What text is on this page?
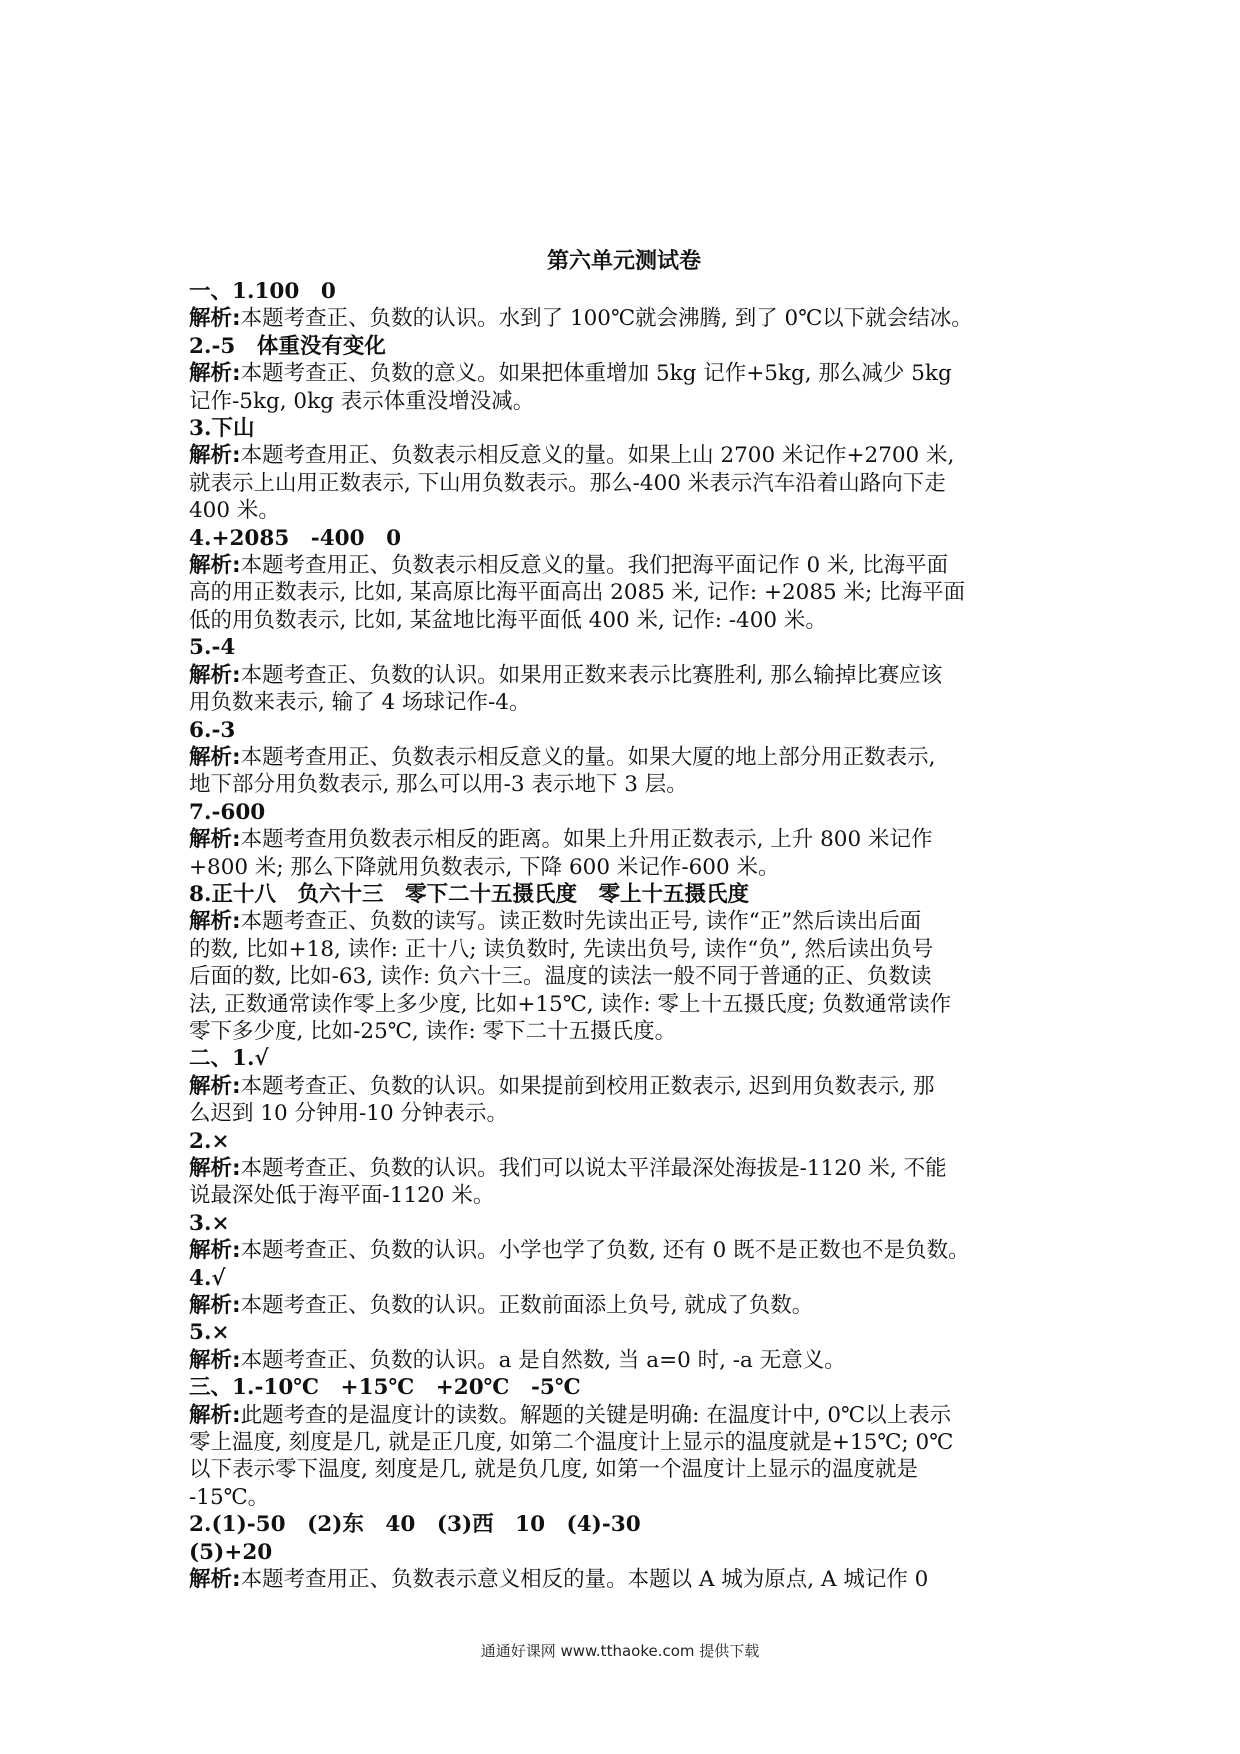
第六单元测试卷
一、1.100　0
解析:本题考查正、负数的认识。水到了 100℃就会沸腾, 到了 0℃以下就会结冰。
2.-5　体重没有变化
解析:本题考查正、负数的意义。如果把体重增加 5kg 记作+5kg, 那么减少 5kg
记作-5kg, 0kg 表示体重没增没减。
3.下山
解析:本题考查用正、负数表示相反意义的量。如果上山 2700 米记作+2700 米,
就表示上山用正数表示, 下山用负数表示。那么-400 米表示汽车沿着山路向下走
400 米。
4.+2085　-400　0
解析:本题考查用正、负数表示相反意义的量。我们把海平面记作 0 米, 比海平面
高的用正数表示, 比如, 某高原比海平面高出 2085 米, 记作: +2085 米; 比海平面
低的用负数表示, 比如, 某盆地比海平面低 400 米, 记作: -400 米。
5.-4
解析:本题考查正、负数的认识。如果用正数来表示比赛胜利, 那么输掉比赛应该
用负数来表示, 输了 4 场球记作-4。
6.-3
解析:本题考查用正、负数表示相反意义的量。如果大厦的地上部分用正数表示,
地下部分用负数表示, 那么可以用-3 表示地下 3 层。
7.-600
解析:本题考查用负数表示相反的距离。如果上升用正数表示, 上升 800 米记作
+800 米; 那么下降就用负数表示, 下降 600 米记作-600 米。
8.正十八　负六十三　零下二十五摄氏度　零上十五摄氏度
解析:本题考查正、负数的读写。读正数时先读出正号, 读作“正”然后读出后面
的数, 比如+18, 读作: 正十八; 读负数时, 先读出负号, 读作“负”, 然后读出负号
后面的数, 比如-63, 读作: 负六十三。温度的读法一般不同于普通的正、负数读
法, 正数通常读作零上多少度, 比如+15℃, 读作: 零上十五摄氏度; 负数通常读作
零下多少度, 比如-25℃, 读作: 零下二十五摄氏度。
二、1.√
解析:本题考查正、负数的认识。如果提前到校用正数表示, 迟到用负数表示, 那
么迟到 10 分钟用-10 分钟表示。
2.×
解析:本题考查正、负数的认识。我们可以说太平洋最深处海拔是-1120 米, 不能
说最深处低于海平面-1120 米。
3.×
解析:本题考查正、负数的认识。小学也学了负数, 还有 0 既不是正数也不是负数。
4.√
解析:本题考查正、负数的认识。正数前面添上负号, 就成了负数。
5.×
解析:本题考查正、负数的认识。a 是自然数, 当 a=0 时, -a 无意义。
三、1.-10℃　+15℃　+20℃　-5℃
解析:此题考查的是温度计的读数。解题的关键是明确: 在温度计中, 0℃以上表示
零上温度, 刻度是几, 就是正几度, 如第二个温度计上显示的温度就是+15℃; 0℃
以下表示零下温度, 刻度是几, 就是负几度, 如第一个温度计上显示的温度就是
-15℃。
2.(1)-50　(2)东　40　(3)西　10　(4)-30
(5)+20
解析:本题考查用正、负数表示意义相反的量。本题以 A 城为原点, A 城记作 0
通通好课网 www.tthaoke.com 提供下载
